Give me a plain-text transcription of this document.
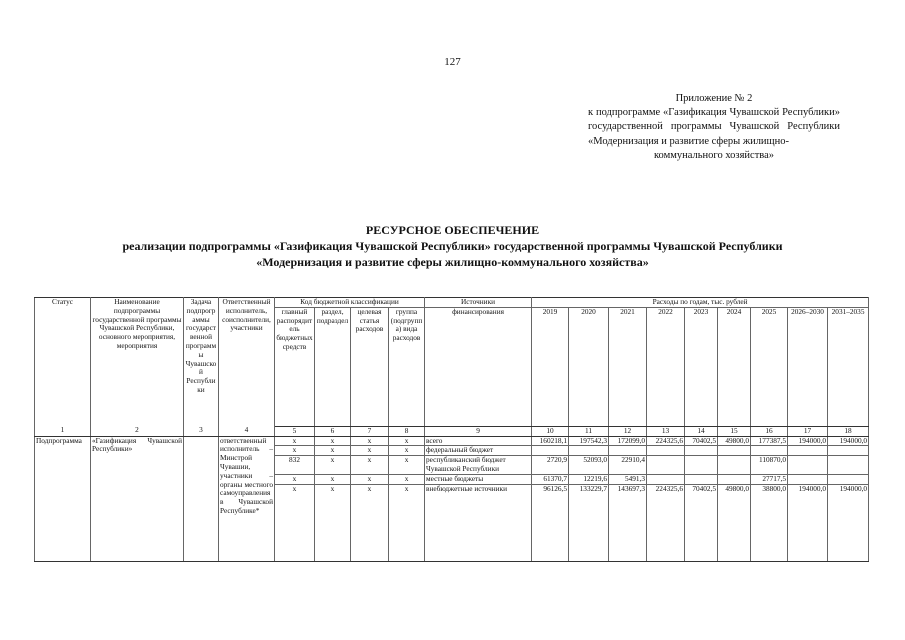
127
Приложение № 2
к подпрограмме «Газификация Чувашской Республики» государственной программы Чувашской Республики «Модернизация и развитие сферы жилищно-
коммунального хозяйства»
РЕСУРСНОЕ ОБЕСПЕЧЕНИЕ
реализации подпрограммы «Газификация Чувашской Республики» государственной программы Чувашской Республики
«Модернизация и развитие сферы жилищно-коммунального хозяйства»
Статус	Наименование подпрограммы государственной программы Чувашской Республики, основного мероприятия, мероприятия	Задача подпрограммы государственной программы Чувашской Республики	Ответственный исполнитель, соисполнители, участники	Код бюджетной классификации				Источники	Расходы по годам, тыс. рублей								
				главный распорядитель бюджетных средств	раздел, подраздел	целевая статья расходов	группа (подгруппа) вида расходов	финансирования	2019	2020	2021	2022	2023	2024	2025	2026–2030	2031–2035
1	2	3	4	5	6	7	8	9	10	11	12	13	14	15	16	17	18
Подпрограмма	«Газификация Чувашской Республики»		ответственный исполнитель – Минстрой Чувашии, участники – органы местного самоуправления в Чувашской Республике*	x	x	x	x	всего	160218,1	197542,3	172099,0	224325,6	70402,5	49800,0	177387,5	194000,0	194000,0
				x	x	x	x	федеральный бюджет									
				832	x	x	x	республиканский бюджет Чувашской Республики	2720,9	52093,0	22910,4				110870,0		
				x	x	x	x	местные бюджеты	61370,7	12219,6	5491,3				27717,5		
				x	x	x	x	внебюджетные источники	96126,5	133229,7	143697,3	224325,6	70402,5	49800,0	38800,0	194000,0	194000,0
